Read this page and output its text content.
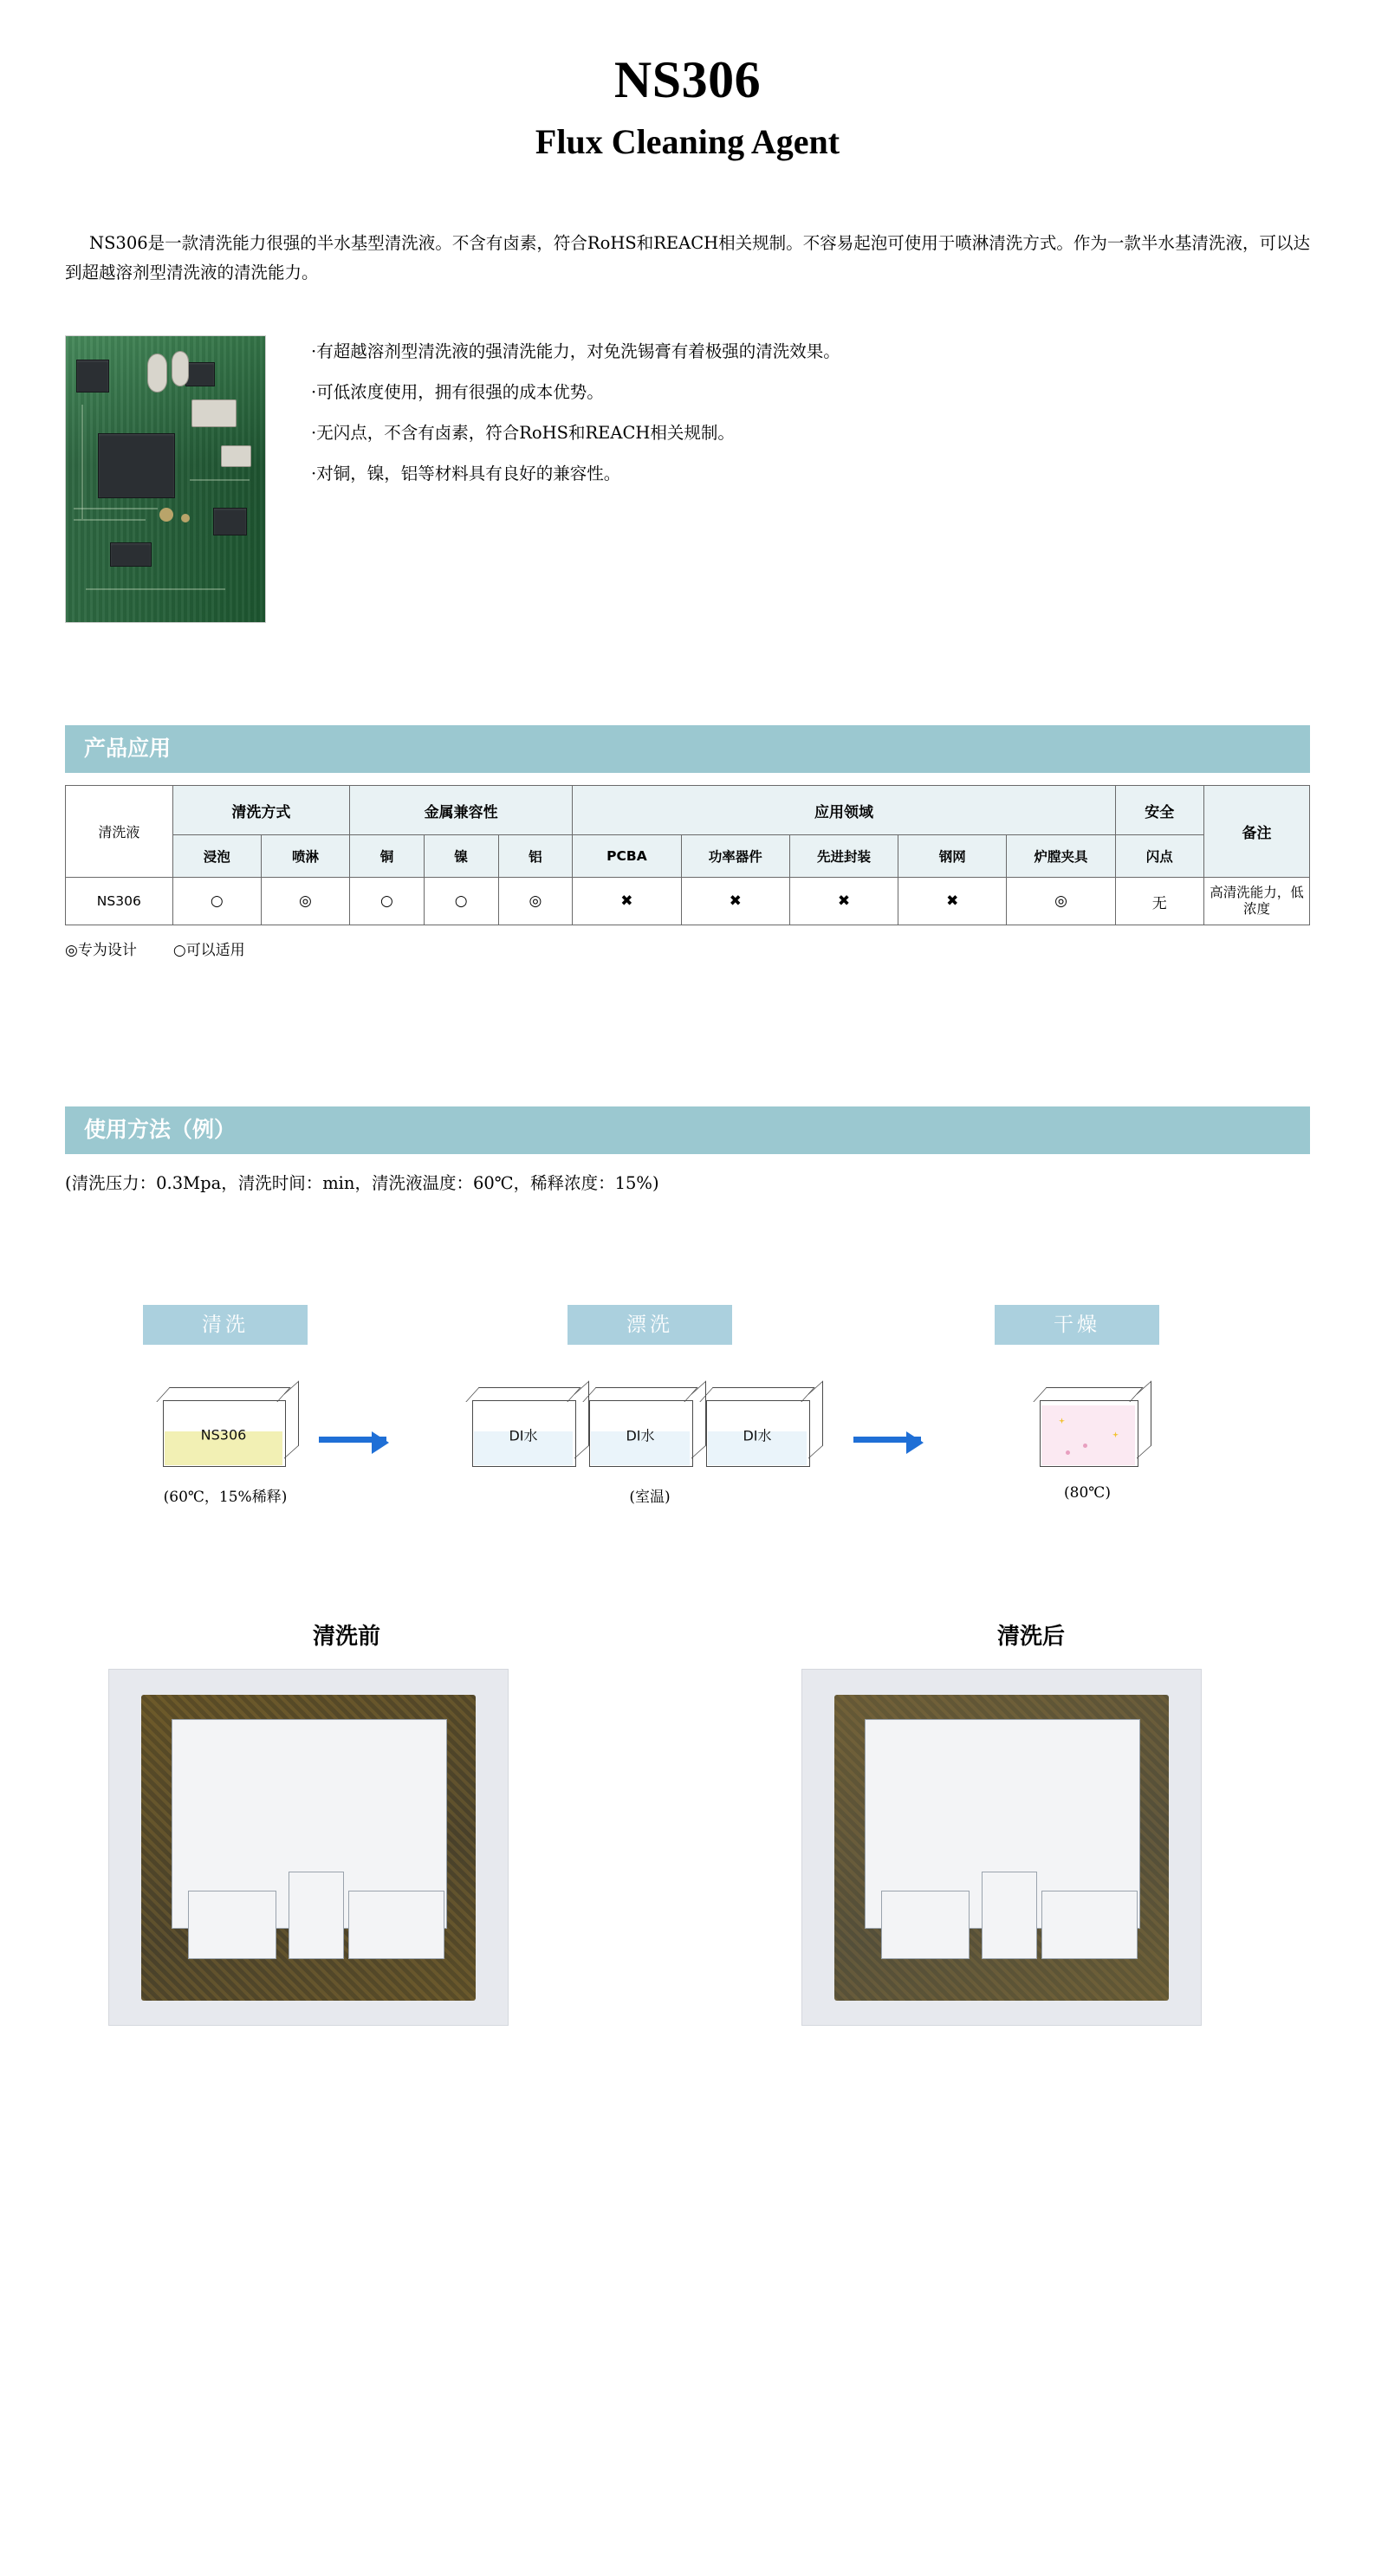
NS306
Flux Cleaning Agent
NS306是一款清洗能力很强的半水基型清洗液。不含有卤素，符合RoHS和REACH相关规制。不容易起泡可使用于喷淋清洗方式。作为一款半水基清洗液，可以达到超越溶剂型清洗液的清洗能力。
·有超越溶剂型清洗液的强清洗能力，对免洗锡膏有着极强的清洗效果。
·可低浓度使用，拥有很强的成本优势。
·无闪点，不含有卤素，符合RoHS和REACH相关规制。
·对铜，镍，铝等材料具有良好的兼容性。
产品应用
清洗液	清洗方式		金属兼容性			应用领域					安全	备注
	浸泡	喷淋	铜	镍	铝	PCBA	功率器件	先进封装	钢网	炉膛夹具	闪点	
NS306	○	◎	○	○	◎	✖	✖	✖	✖	◎	无	高清洗能力，低浓度
◎专为设计 ○可以适用
使用方法（例）
(清洗压力：0.3Mpa，清洗时间：min，清洗液温度：60℃，稀释浓度：15%)
清洗	漂洗	干燥
NS306	DI水	DI水	DI水
(60℃，15%稀释)	(室温)	(80℃)
清洗前	清洗后
